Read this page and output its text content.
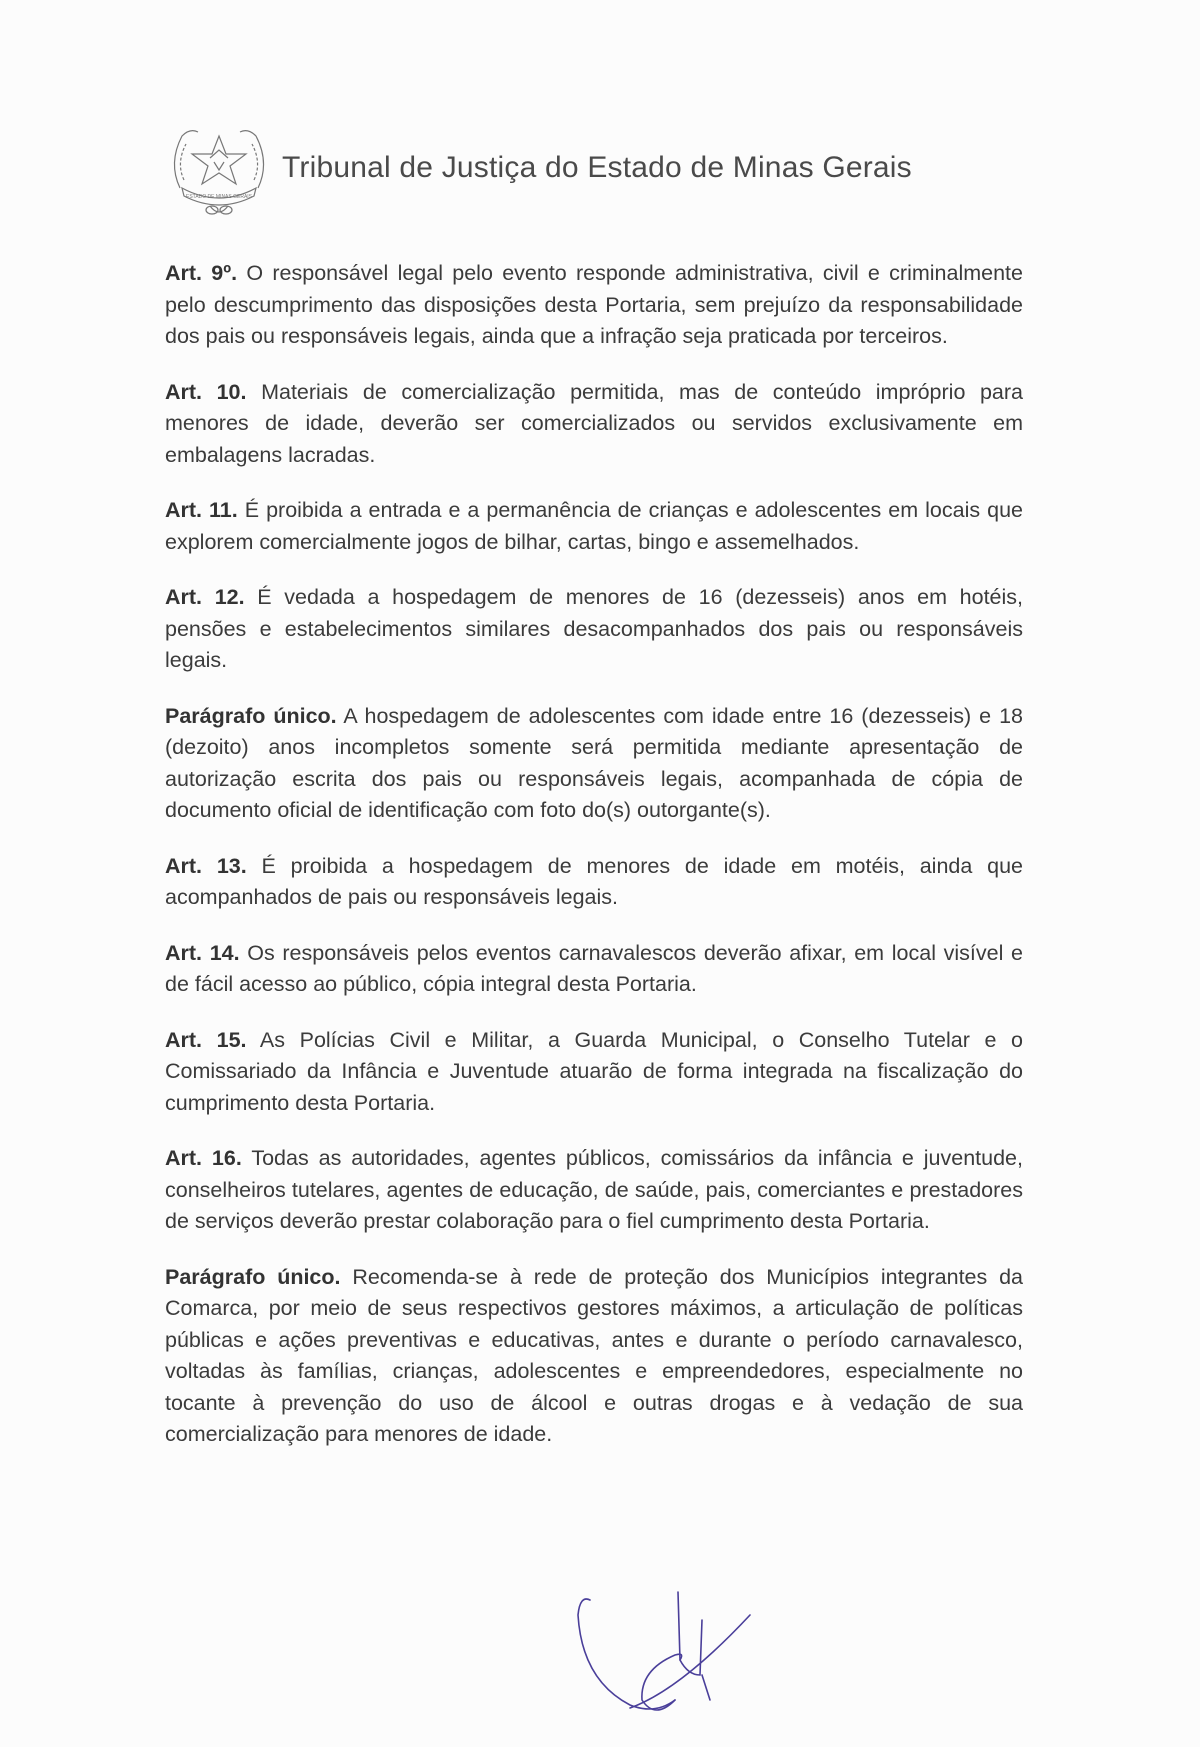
ESTADO DE MINAS GERAIS
Tribunal de Justiça do Estado de Minas Gerais

Art. 9º. O responsável legal pelo evento responde administrativa, civil e criminalmente pelo descumprimento das disposições desta Portaria, sem prejuízo da responsabilidade dos pais ou responsáveis legais, ainda que a infração seja praticada por terceiros.

Art. 10. Materiais de comercialização permitida, mas de conteúdo impróprio para menores de idade, deverão ser comercializados ou servidos exclusivamente em embalagens lacradas.

Art. 11. É proibida a entrada e a permanência de crianças e adolescentes em locais que explorem comercialmente jogos de bilhar, cartas, bingo e assemelhados.

Art. 12. É vedada a hospedagem de menores de 16 (dezesseis) anos em hotéis, pensões e estabelecimentos similares desacompanhados dos pais ou responsáveis legais.

Parágrafo único. A hospedagem de adolescentes com idade entre 16 (dezesseis) e 18 (dezoito) anos incompletos somente será permitida mediante apresentação de autorização escrita dos pais ou responsáveis legais, acompanhada de cópia de documento oficial de identificação com foto do(s) outorgante(s).

Art. 13. É proibida a hospedagem de menores de idade em motéis, ainda que acompanhados de pais ou responsáveis legais.

Art. 14. Os responsáveis pelos eventos carnavalescos deverão afixar, em local visível e de fácil acesso ao público, cópia integral desta Portaria.

Art. 15. As Polícias Civil e Militar, a Guarda Municipal, o Conselho Tutelar e o Comissariado da Infância e Juventude atuarão de forma integrada na fiscalização do cumprimento desta Portaria.

Art. 16. Todas as autoridades, agentes públicos, comissários da infância e juventude, conselheiros tutelares, agentes de educação, de saúde, pais, comerciantes e prestadores de serviços deverão prestar colaboração para o fiel cumprimento desta Portaria.

Parágrafo único. Recomenda-se à rede de proteção dos Municípios integrantes da Comarca, por meio de seus respectivos gestores máximos, a articulação de políticas públicas e ações preventivas e educativas, antes e durante o período carnavalesco, voltadas às famílias, crianças, adolescentes e empreendedores, especialmente no tocante à prevenção do uso de álcool e outras drogas e à vedação de sua comercialização para menores de idade.
